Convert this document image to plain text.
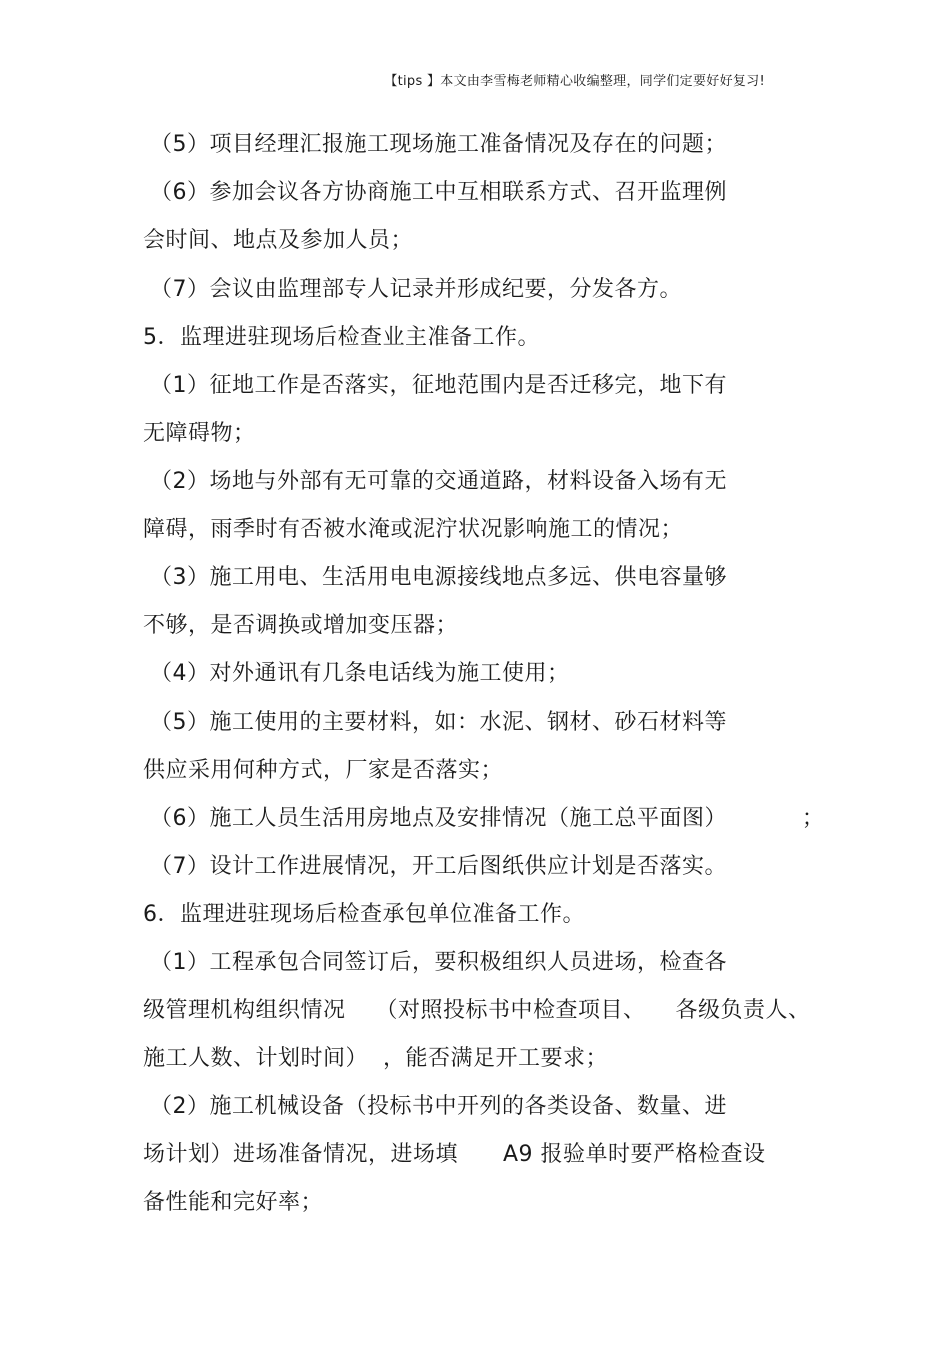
【tips 】本文由李雪梅老师精心收编整理，同学们定要好好复习!
（5）项目经理汇报施工现场施工准备情况及存在的问题；
（6）参加会议各方协商施工中互相联系方式、召开监理例
会时间、地点及参加人员；
（7）会议由监理部专人记录并形成纪要，分发各方。
5．监理进驻现场后检查业主准备工作。
（1）征地工作是否落实，征地范围内是否迁移完，地下有
无障碍物；
（2）场地与外部有无可靠的交通道路，材料设备入场有无
障碍，雨季时有否被水淹或泥泞状况影响施工的情况；
（3）施工用电、生活用电电源接线地点多远、供电容量够
不够，是否调换或增加变压器；
（4）对外通讯有几条电话线为施工使用；
（5）施工使用的主要材料，如：水泥、钢材、砂石材料等
供应采用何种方式，厂家是否落实；
（6）施工人员生活用房地点及安排情况（施工总平面图）          ；
（7）设计工作进展情况，开工后图纸供应计划是否落实。
6．监理进驻现场后检查承包单位准备工作。
（1）工程承包合同签订后，要积极组织人员进场，检查各
级管理机构组织情况    （对照投标书中检查项目、    各级负责人、
施工人数、计划时间）  ，能否满足开工要求；
（2）施工机械设备（投标书中开列的各类设备、数量、进
场计划）进场准备情况，进场填      A9 报验单时要严格检查设
备性能和完好率；
